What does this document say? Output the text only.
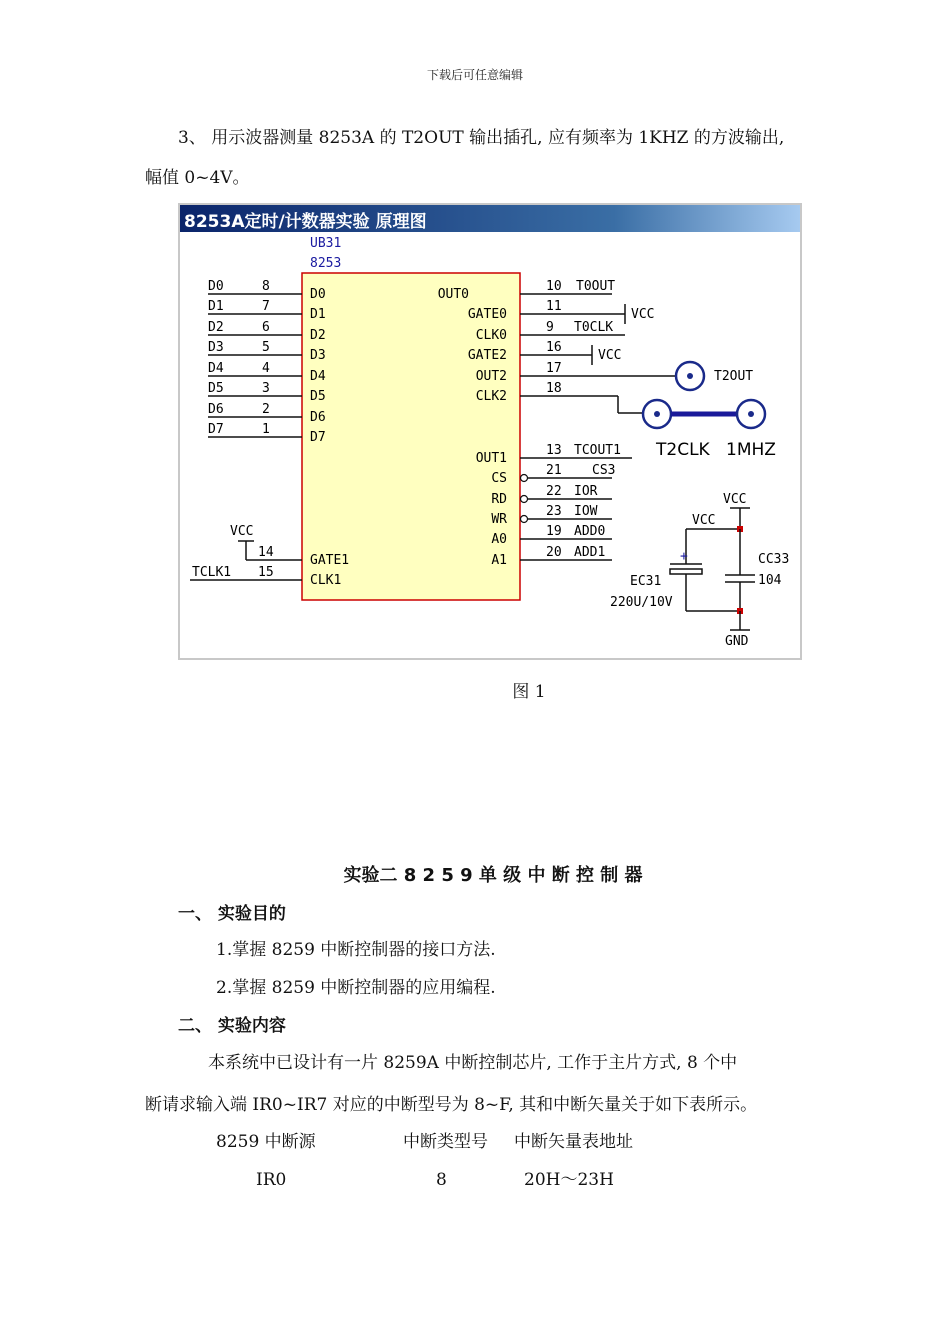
下载后可任意编辑
3、 用示波器测量 8253A 的 T2OUT 输出插孔, 应有频率为 1KHZ 的方波输出,
幅值 0~4V。
8253A定时/计数器实验 原理图
UB31
8253
D0
D1
D2
D3
D4
D5
D6
D7
8
7
6
5
4
3
2
1
D0
D1
D2
D3
D4
D5
D6
D7
OUT0
GATE0
CLK0
GATE2
OUT2
CLK2
10
11
9
16
17
18
T0OUT
VCC
T0CLK
VCC
T2OUT
T2CLK 1MHZ
OUT1
CS
RD
WR
A0
A1
13
21
22
23
19
20
TCOUT1
CS3
IOR
IOW
ADD0
ADD1
VCC
14
GATE1
TCLK1 15
CLK1
VCC
VCC
+
GND
EC31
220U/10V
CC33
104
图 1
实验二 8 2 5 9 单 级 中 断 控 制 器
一、 实验目的
1.掌握 8259 中断控制器的接口方法.
2.掌握 8259 中断控制器的应用编程.
二、 实验内容
本系统中已设计有一片 8259A 中断控制芯片, 工作于主片方式, 8 个中
断请求输入端 IR0~IR7 对应的中断型号为 8~F, 其和中断矢量关于如下表所示。
8259 中断源	中断类型号 中断矢量表地址
IR0	8	20H～23H
